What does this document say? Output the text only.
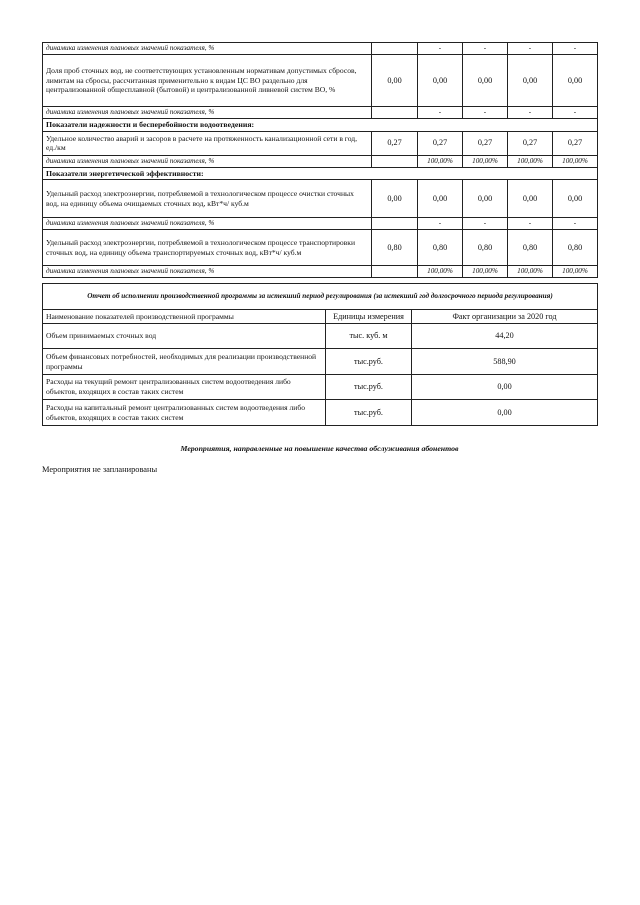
динамика изменения плановых значений показателя, %		-	-	-	-
Доля проб сточных вод, не соответствующих установленным нормативам допустимых сбросов, лимитам на сбросы, рассчитанная применительно к видам ЦС ВО раздельно для централизованной общесплавной (бытовой) и централизованной ливневой систем ВО, %	0,00	0,00	0,00	0,00	0,00
динамика изменения плановых значений показателя, %		-	-	-	-
Показатели надежности и бесперебойности водоотведения:					
Удельное количество аварий и засоров в расчете на протяженность канализационной сети в год, ед./км	0,27	0,27	0,27	0,27	0,27
динамика изменения плановых значений показателя, %		100,00%	100,00%	100,00%	100,00%
Показатели энергетической эффективности:					
Удельный расход электроэнергии, потребляемой в технологическом процессе очистки сточных вод, на единицу объема очищаемых сточных вод, кВт*ч/ куб.м	0,00	0,00	0,00	0,00	0,00
динамика изменения плановых значений показателя, %		-	-	-	-
Удельный расход электроэнергии, потребляемой в технологическом процессе транспортировки сточных вод, на единицу объема транспортируемых сточных вод, кВт*ч/ куб.м	0,80	0,80	0,80	0,80	0,80
динамика изменения плановых значений показателя, %		100,00%	100,00%	100,00%	100,00%
Отчет об исполнении производственной программы за истекший период регулирования (за истекший год долгосрочного периода регулирования)		
Наименование показателей производственной программы	Единицы измерения	Факт организации за 2020 год
Объем принимаемых сточных вод	тыс. куб. м	44,20
Объем финансовых потребностей, необходимых для реализации производственной программы	тыс.руб.	588,90
Расходы на текущий ремонт централизованных систем водоотведения либо объектов, входящих в состав таких систем	тыс.руб.	0,00
Расходы на капитальный ремонт централизованных систем водоотведения либо объектов, входящих в состав таких систем	тыс.руб.	0,00
Мероприятия, направленные на повышение качества обслуживания абонентов
Мероприятия не запланированы
